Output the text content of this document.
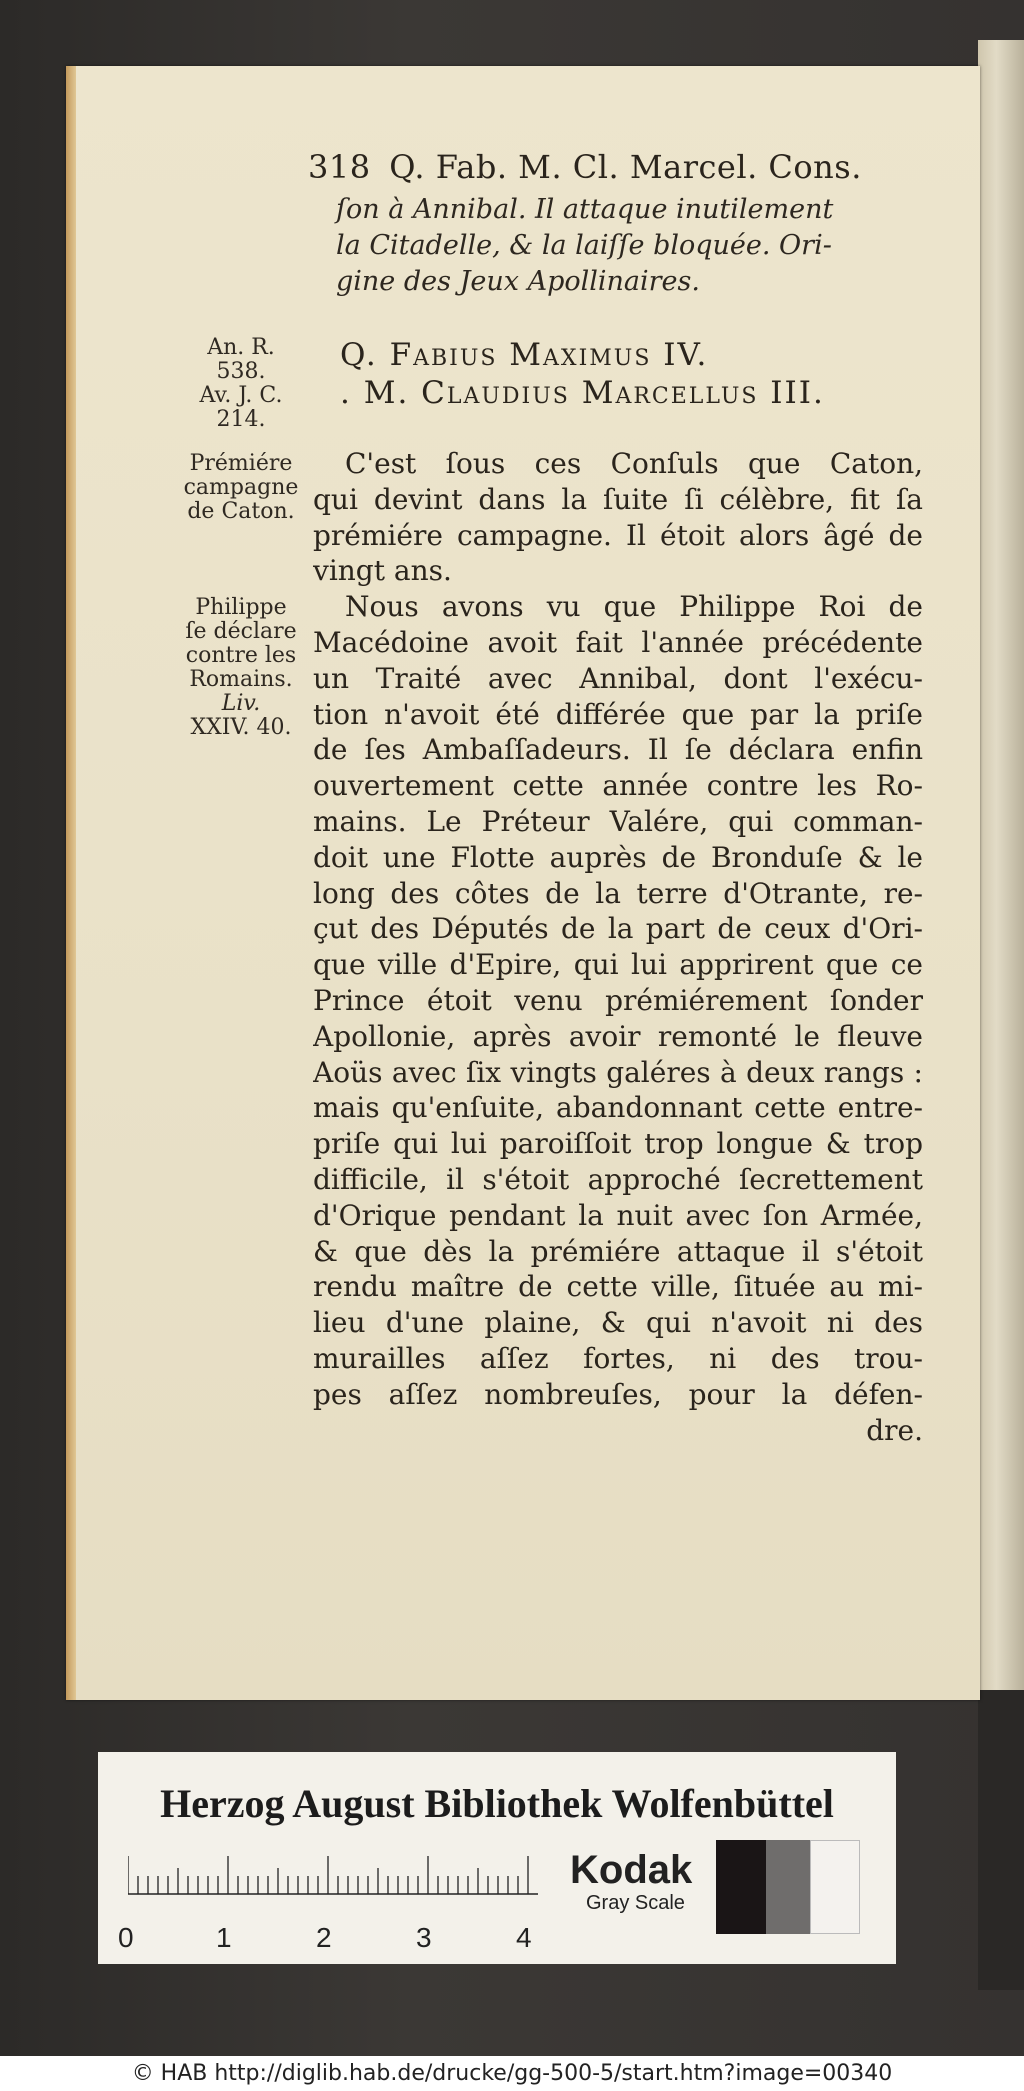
318 Q. Fab. M. Cl. Marcel. Cons.
ſon à Annibal. Il attaque inutilement
la Citadelle, & la laiſſe bloquée. Ori-
gine des Jeux Apollinaires.
Q. Fabius Maximus IV.
. M. Claudius Marcellus III.
An. R.
538.
Av. J. C.
214.
Prémiére
campagne
de Caton.
Philippe
ſe déclare
contre les
Romains.
Liv.
XXIV. 40.
C'est ſous ces Conſuls que Caton,
qui devint dans la ſuite ſi célèbre, fit ſa
prémiére campagne. Il étoit alors âgé de
vingt ans.
Nous avons vu que Philippe Roi de
Macédoine avoit fait l'année précédente
un Traité avec Annibal, dont l'exécu-
tion n'avoit été différée que par la priſe
de ſes Ambaſſadeurs. Il ſe déclara enfin
ouvertement cette année contre les Ro-
mains. Le Préteur Valére, qui comman-
doit une Flotte auprès de Bronduſe & le
long des côtes de la terre d'Otrante, re-
çut des Députés de la part de ceux d'Ori-
que ville d'Epire, qui lui apprirent que ce
Prince étoit venu prémiérement ſonder
Apollonie, après avoir remonté le fleuve
Aoüs avec ſix vingts galéres à deux rangs :
mais qu'enſuite, abandonnant cette entre-
priſe qui lui paroiſſoit trop longue & trop
difficile, il s'étoit approché ſecrettement
d'Orique pendant la nuit avec ſon Armée,
& que dès la prémiére attaque il s'étoit
rendu maître de cette ville, ſituée au mi-
lieu d'une plaine, & qui n'avoit ni des
murailles aſſez fortes, ni des trou-
pes aſſez nombreuſes, pour la défen-
dre.
Herzog August Bibliothek Wolfenbüttel
0	1	2	3	4
Kodak
Gray Scale
© HAB http://diglib.hab.de/drucke/gg-500-5/start.htm?image=00340
